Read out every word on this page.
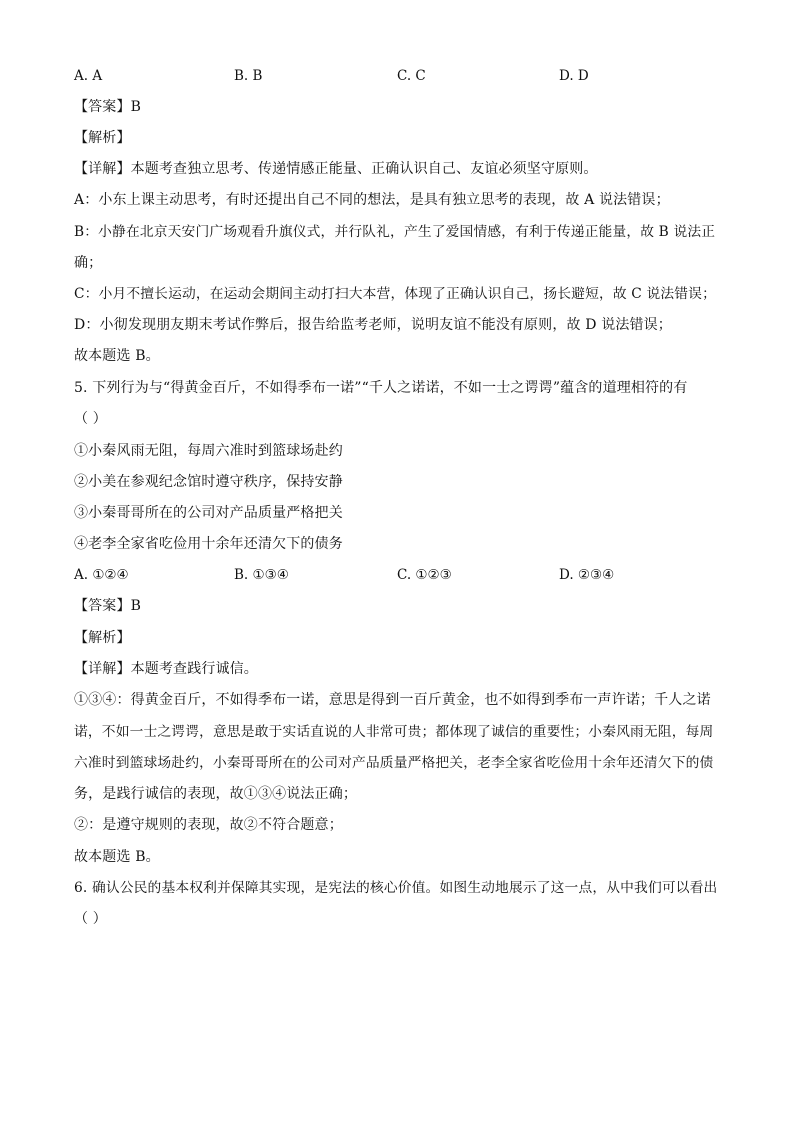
A. A	B. B	C. C	D. D
【答案】B
【解析】
【详解】本题考查独立思考、传递情感正能量、正确认识自己、友谊必须坚守原则。
A：小东上课主动思考，有时还提出自己不同的想法，是具有独立思考的表现，故 A 说法错误；
B：小静在北京天安门广场观看升旗仪式，并行队礼，产生了爱国情感，有利于传递正能量，故 B 说法正
确；
C：小月不擅长运动，在运动会期间主动打扫大本营，体现了正确认识自己，扬长避短，故 C 说法错误；
D：小彻发现朋友期末考试作弊后，报告给监考老师，说明友谊不能没有原则，故 D 说法错误；
故本题选 B。
5. 下列行为与“得黄金百斤，不如得季布一诺”“千人之诺诺，不如一士之谔谔”蕴含的道理相符的有
（ ）
①小秦风雨无阻，每周六准时到篮球场赴约
②小美在参观纪念馆时遵守秩序，保持安静
③小秦哥哥所在的公司对产品质量严格把关
④老李全家省吃俭用十余年还清欠下的债务
A. ①②④	B. ①③④	C. ①②③	D. ②③④
【答案】B
【解析】
【详解】本题考查践行诚信。
①③④：得黄金百斤，不如得季布一诺，意思是得到一百斤黄金，也不如得到季布一声许诺；千人之诺
诺，不如一士之谔谔，意思是敢于实话直说的人非常可贵；都体现了诚信的重要性；小秦风雨无阻，每周
六准时到篮球场赴约，小秦哥哥所在的公司对产品质量严格把关，老李全家省吃俭用十余年还清欠下的债
务，是践行诚信的表现，故①③④说法正确；
②：是遵守规则的表现，故②不符合题意；
故本题选 B。
6. 确认公民的基本权利并保障其实现，是宪法的核心价值。如图生动地展示了这一点，从中我们可以看出
（ ）
